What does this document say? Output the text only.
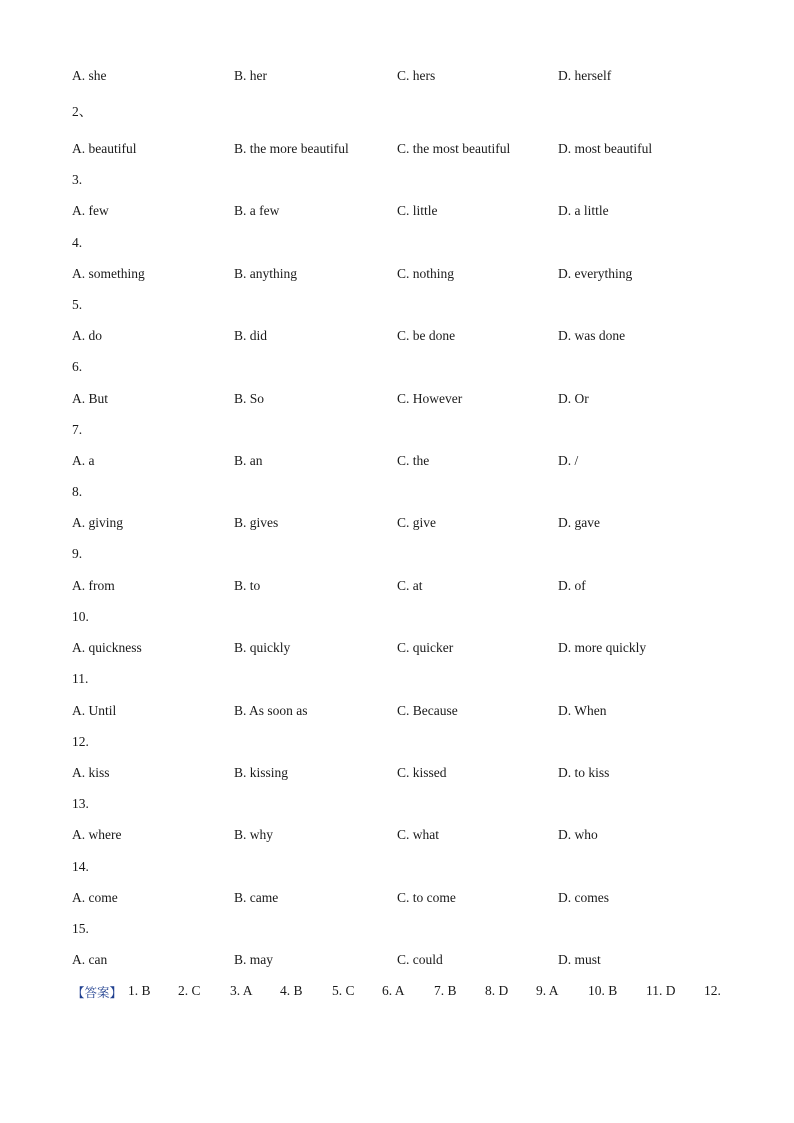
A. she	B. her	C. hers	D. herself
2、
A. beautiful	B. the more beautiful	C. the most beautiful	D. most beautiful
3.
A. few	B. a few	C. little	D. a little
4.
A. something	B. anything	C. nothing	D. everything
5.
A. do	B. did	C. be done	D. was done
6.
A. But	B. So	C. However	D. Or
7.
A. a	B. an	C. the	D. /
8.
A. giving	B. gives	C. give	D. gave
9.
A. from	B. to	C. at	D. of
10.
A. quickness	B. quickly	C. quicker	D. more quickly
11.
A. Until	B. As soon as	C. Because	D. When
12.
A. kiss	B. kissing	C. kissed	D. to kiss
13.
A. where	B. why	C. what	D. who
14.
A. come	B. came	C. to come	D. comes
15.
A. can	B. may	C. could	D. must
【答案】 1. B 2. C 3. A 4. B 5. C 6. A 7. B 8. D 9. A 10. B 11. D 12.
